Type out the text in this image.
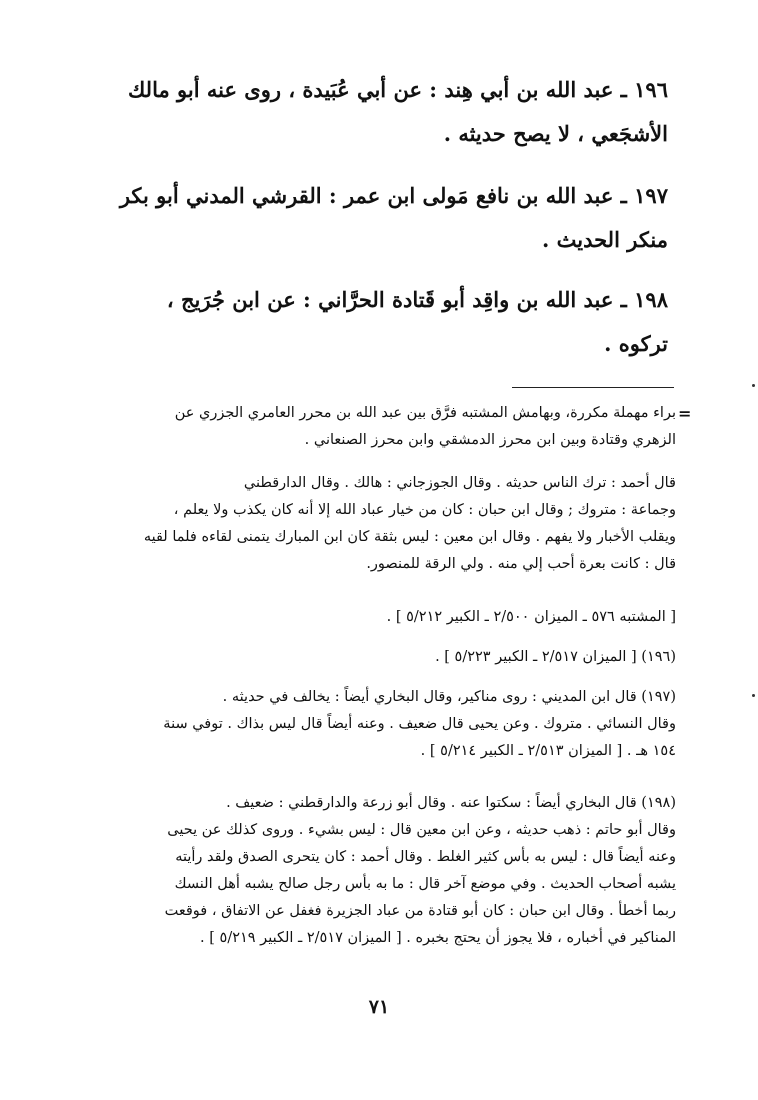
١٩٦ ـ عبد الله بن أبي هِند : عن أبي عُبَيدة ، روى عنه أبو مالك
الأشجَعي ، لا يصح حديثه .
١٩٧ ـ عبد الله بن نافع مَولى ابن عمر : القرشي المدني أبو بكر
منكر الحديث .
١٩٨ ـ عبد الله بن واقِد أبو قَتادة الحرَّاني : عن ابن جُرَيج ،
تركوه .
=
براء مهملة مكررة، وبهامش المشتبه فرَّق بين عبد الله بن محرر العامري الجزري عن
الزهري وقتادة وبين ابن محرز الدمشقي وابن محرز الصنعاني .
قال أحمد : ترك الناس حديثه . وقال الجوزجاني : هالك . وقال الدارقطني
وجماعة : متروك ; وقال ابن حبان : كان من خيار عباد الله إلا أنه كان يكذب ولا يعلم ،
ويقلب الأخبار ولا يفهم . وقال ابن معين : ليس بثقة كان ابن المبارك يتمنى لقاءه فلما لقيه
قال : كانت بعرة أحب إلي منه . ولي الرقة للمنصور.
[ المشتبه ٥٧٦ ـ الميزان ٢/٥٠٠ ـ الكبير ٥/٢١٢ ] .
(١٩٦) [ الميزان ٢/٥١٧ ـ الكبير ٥/٢٢٣ ] .
(١٩٧) قال ابن المديني : روى مناكير، وقال البخاري أيضاً : يخالف في حديثه .
وقال النسائي . متروك . وعن يحيى قال ضعيف . وعنه أيضاً قال ليس بذاك . توفي سنة
١٥٤ هـ . [ الميزان ٢/٥١٣ ـ الكبير ٥/٢١٤ ] .
(١٩٨) قال البخاري أيضاً : سكتوا عنه . وقال أبو زرعة والدارقطني : ضعيف .
وقال أبو حاتم : ذهب حديثه ، وعن ابن معين قال : ليس بشيء . وروى كذلك عن يحيى
وعنه أيضاً قال : ليس به بأس كثير الغلط . وقال أحمد : كان يتحرى الصدق ولقد رأيته
يشبه أصحاب الحديث . وفي موضع آخر قال : ما به بأس رجل صالح يشبه أهل النسك
ربما أخطأ . وقال ابن حبان : كان أبو قتادة من عباد الجزيرة فغفل عن الاتفاق ، فوقعت
المناكير في أخباره ، فلا يجوز أن يحتج بخبره . [ الميزان ٢/٥١٧ ـ الكبير ٥/٢١٩ ] .
٧١
